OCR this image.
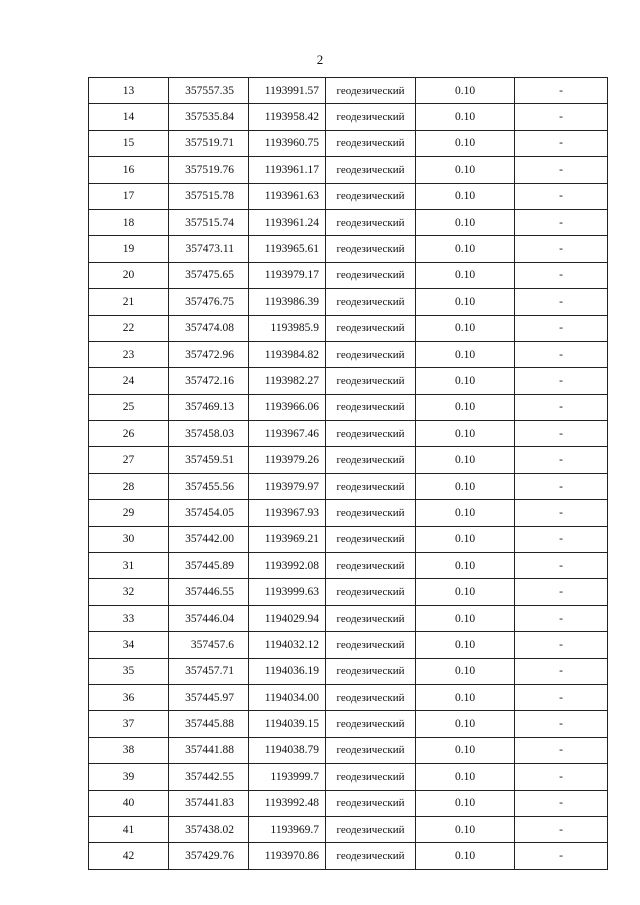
2
13	357557.35	1193991.57	геодезический	0.10	-
14	357535.84	1193958.42	геодезический	0.10	-
15	357519.71	1193960.75	геодезический	0.10	-
16	357519.76	1193961.17	геодезический	0.10	-
17	357515.78	1193961.63	геодезический	0.10	-
18	357515.74	1193961.24	геодезический	0.10	-
19	357473.11	1193965.61	геодезический	0.10	-
20	357475.65	1193979.17	геодезический	0.10	-
21	357476.75	1193986.39	геодезический	0.10	-
22	357474.08	1193985.9	геодезический	0.10	-
23	357472.96	1193984.82	геодезический	0.10	-
24	357472.16	1193982.27	геодезический	0.10	-
25	357469.13	1193966.06	геодезический	0.10	-
26	357458.03	1193967.46	геодезический	0.10	-
27	357459.51	1193979.26	геодезический	0.10	-
28	357455.56	1193979.97	геодезический	0.10	-
29	357454.05	1193967.93	геодезический	0.10	-
30	357442.00	1193969.21	геодезический	0.10	-
31	357445.89	1193992.08	геодезический	0.10	-
32	357446.55	1193999.63	геодезический	0.10	-
33	357446.04	1194029.94	геодезический	0.10	-
34	357457.6	1194032.12	геодезический	0.10	-
35	357457.71	1194036.19	геодезический	0.10	-
36	357445.97	1194034.00	геодезический	0.10	-
37	357445.88	1194039.15	геодезический	0.10	-
38	357441.88	1194038.79	геодезический	0.10	-
39	357442.55	1193999.7	геодезический	0.10	-
40	357441.83	1193992.48	геодезический	0.10	-
41	357438.02	1193969.7	геодезический	0.10	-
42	357429.76	1193970.86	геодезический	0.10	-
